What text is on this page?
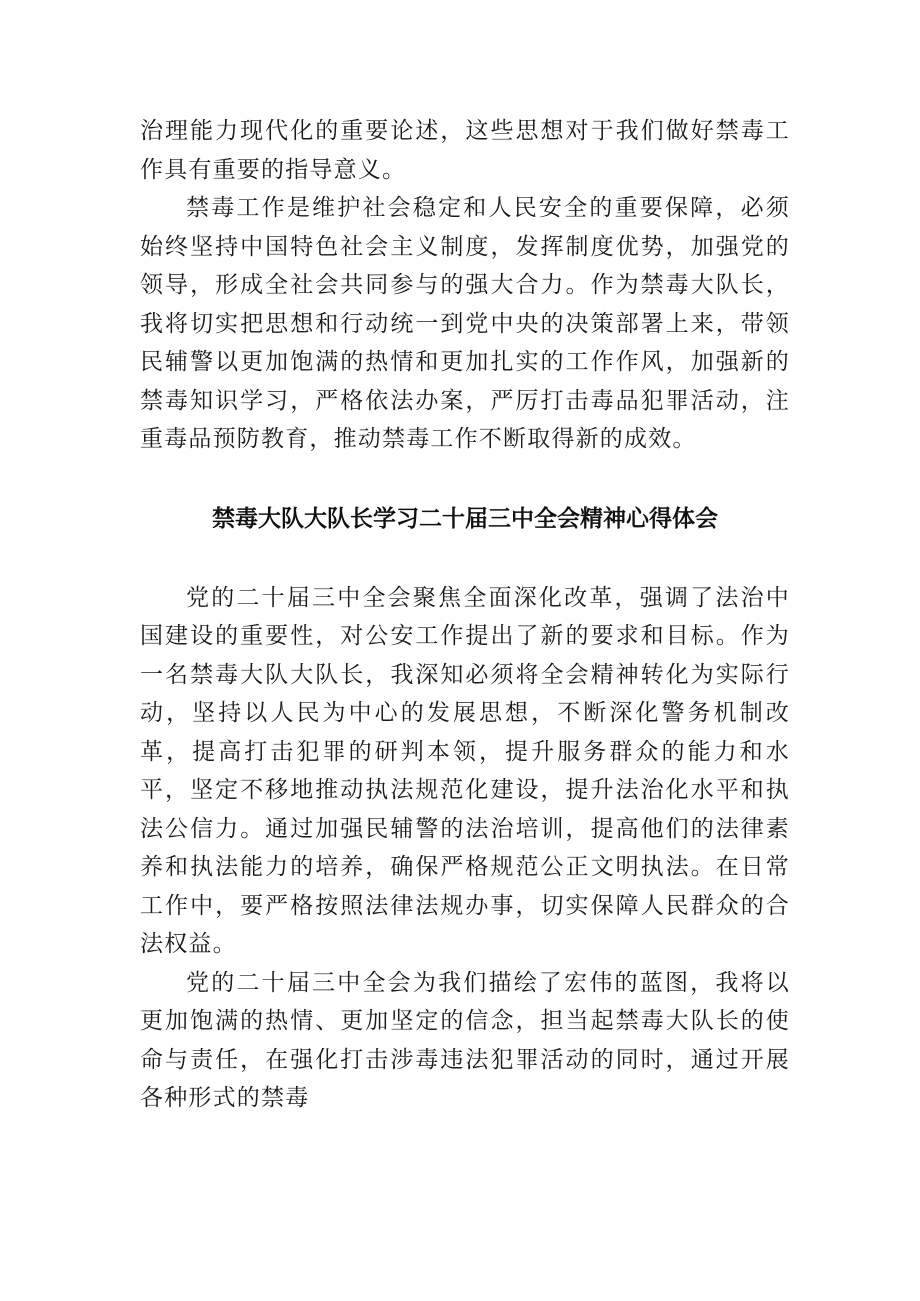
治理能力现代化的重要论述，这些思想对于我们做好禁毒工作具有重要的指导意义。

禁毒工作是维护社会稳定和人民安全的重要保障，必须始终坚持中国特色社会主义制度，发挥制度优势，加强党的领导，形成全社会共同参与的强大合力。作为禁毒大队长，我将切实把思想和行动统一到党中央的决策部署上来，带领民辅警以更加饱满的热情和更加扎实的工作作风，加强新的禁毒知识学习，严格依法办案，严厉打击毒品犯罪活动，注重毒品预防教育，推动禁毒工作不断取得新的成效。

禁毒大队大队长学习二十届三中全会精神心得体会

党的二十届三中全会聚焦全面深化改革，强调了法治中国建设的重要性，对公安工作提出了新的要求和目标。作为一名禁毒大队大队长，我深知必须将全会精神转化为实际行动，坚持以人民为中心的发展思想，不断深化警务机制改革，提高打击犯罪的研判本领，提升服务群众的能力和水平，坚定不移地推动执法规范化建设，提升法治化水平和执法公信力。通过加强民辅警的法治培训，提高他们的法律素养和执法能力的培养，确保严格规范公正文明执法。在日常工作中，要严格按照法律法规办事，切实保障人民群众的合法权益。

党的二十届三中全会为我们描绘了宏伟的蓝图，我将以更加饱满的热情、更加坚定的信念，担当起禁毒大队长的使命与责任，在强化打击涉毒违法犯罪活动的同时，通过开展各种形式的禁毒
